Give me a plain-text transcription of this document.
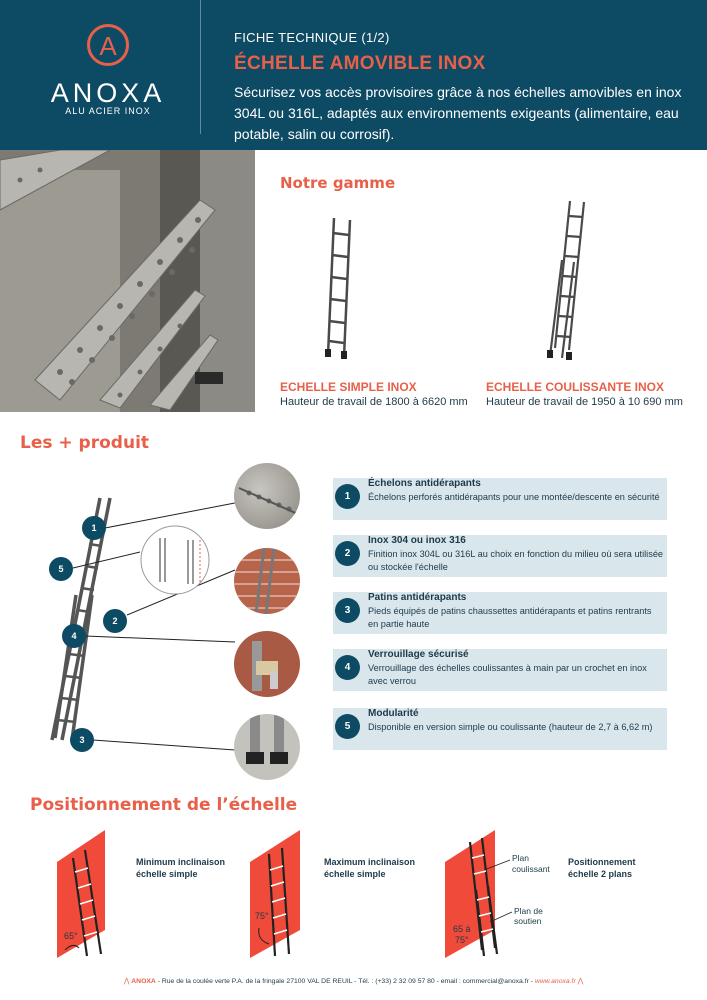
A
ANOXA
ALU ACIER INOX
FICHE TECHNIQUE (1/2)
ÉCHELLE AMOVIBLE INOX
Sécurisez vos accès provisoires grâce à nos échelles amovibles en inox 304L ou 316L, adaptés aux environnements exigeants (alimentaire, eau potable, salin ou corrosif).
Notre gamme
ECHELLE SIMPLE INOX
Hauteur de travail de 1800 à 6620 mm
ECHELLE COULISSANTE INOX
Hauteur de travail de 1950 à 10 690 mm
Les + produit
1
5
2
4
3
1
Échelons antidérapants
Échelons perforés antidérapants pour une montée/descente en sécurité
2
Inox 304 ou inox 316
Finition inox 304L ou 316L au choix en fonction du milieu où sera utilisée ou stockée l'échelle
3
Patins antidérapants
Pieds équipés de patins chaussettes antidérapants et patins rentrants en partie haute
4
Verrouillage sécurisé
Verrouillage des échelles coulissantes à main par un crochet en inox avec verrou
5
Modularité
Disponible en version simple ou coulissante (hauteur de 2,7 à 6,62 m)
Positionnement de l’échelle
65°
Minimum inclinaison
échelle simple
75°
Maximum inclinaison
échelle simple
Plan
coulissant
Plan de
soutien
65 à
75°
Positionnement
échelle 2 plans
⋀ ANOXA - Rue de la coulée verte P.A. de la fringale 27100 VAL DE REUIL - Tél. : (+33) 2 32 09 57 80 - email : commercial@anoxa.fr - www.anoxa.fr ⋀
